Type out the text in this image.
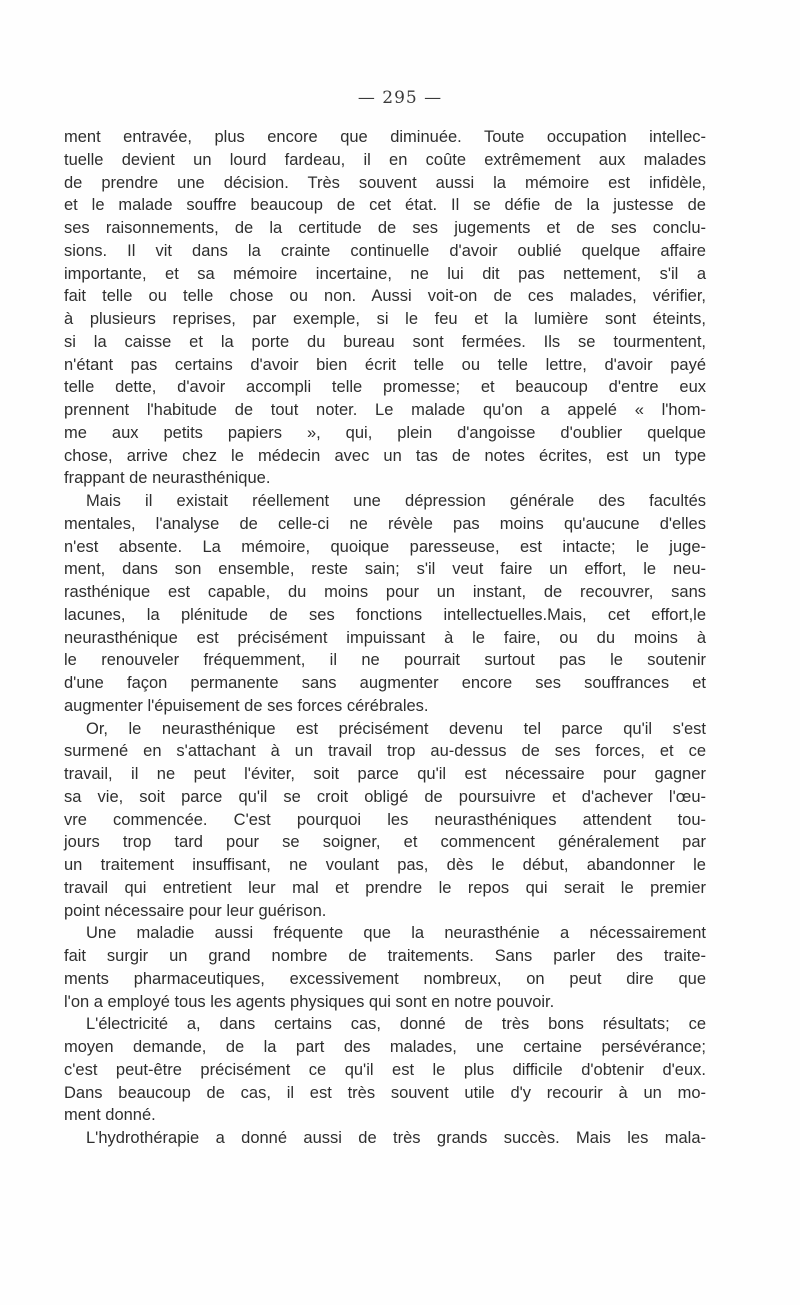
— 295 —
ment entravée, plus encore que diminuée. Toute occupation intellec-
tuelle devient un lourd fardeau, il en coûte extrêmement aux malades
de prendre une décision. Très souvent aussi la mémoire est infidèle,
et le malade souffre beaucoup de cet état. Il se défie de la justesse de
ses raisonnements, de la certitude de ses jugements et de ses conclu-
sions. Il vit dans la crainte continuelle d'avoir oublié quelque affaire
importante, et sa mémoire incertaine, ne lui dit pas nettement, s'il a
fait telle ou telle chose ou non. Aussi voit-on de ces malades, vérifier,
à plusieurs reprises, par exemple, si le feu et la lumière sont éteints,
si la caisse et la porte du bureau sont fermées. Ils se tourmentent,
n'étant pas certains d'avoir bien écrit telle ou telle lettre, d'avoir payé
telle dette, d'avoir accompli telle promesse; et beaucoup d'entre eux
prennent l'habitude de tout noter. Le malade qu'on a appelé « l'hom-
me aux petits papiers », qui, plein d'angoisse d'oublier quelque
chose, arrive chez le médecin avec un tas de notes écrites, est un type
frappant de neurasthénique.
Mais il existait réellement une dépression générale des facultés
mentales, l'analyse de celle-ci ne révèle pas moins qu'aucune d'elles
n'est absente. La mémoire, quoique paresseuse, est intacte; le juge-
ment, dans son ensemble, reste sain; s'il veut faire un effort, le neu-
rasthénique est capable, du moins pour un instant, de recouvrer, sans
lacunes, la plénitude de ses fonctions intellectuelles.Mais, cet effort,le
neurasthénique est précisément impuissant à le faire, ou du moins à
le renouveler fréquemment, il ne pourrait surtout pas le soutenir
d'une façon permanente sans augmenter encore ses souffrances et
augmenter l'épuisement de ses forces cérébrales.
Or, le neurasthénique est précisément devenu tel parce qu'il s'est
surmené en s'attachant à un travail trop au-dessus de ses forces, et ce
travail, il ne peut l'éviter, soit parce qu'il est nécessaire pour gagner
sa vie, soit parce qu'il se croit obligé de poursuivre et d'achever l'œu-
vre commencée. C'est pourquoi les neurasthéniques attendent tou-
jours trop tard pour se soigner, et commencent généralement par
un traitement insuffisant, ne voulant pas, dès le début, abandonner le
travail qui entretient leur mal et prendre le repos qui serait le premier
point nécessaire pour leur guérison.
Une maladie aussi fréquente que la neurasthénie a nécessairement
fait surgir un grand nombre de traitements. Sans parler des traite-
ments pharmaceutiques, excessivement nombreux, on peut dire que
l'on a employé tous les agents physiques qui sont en notre pouvoir.
L'électricité a, dans certains cas, donné de très bons résultats; ce
moyen demande, de la part des malades, une certaine persévérance;
c'est peut-être précisément ce qu'il est le plus difficile d'obtenir d'eux.
Dans beaucoup de cas, il est très souvent utile d'y recourir à un mo-
ment donné.
L'hydrothérapie a donné aussi de très grands succès. Mais les mala-
